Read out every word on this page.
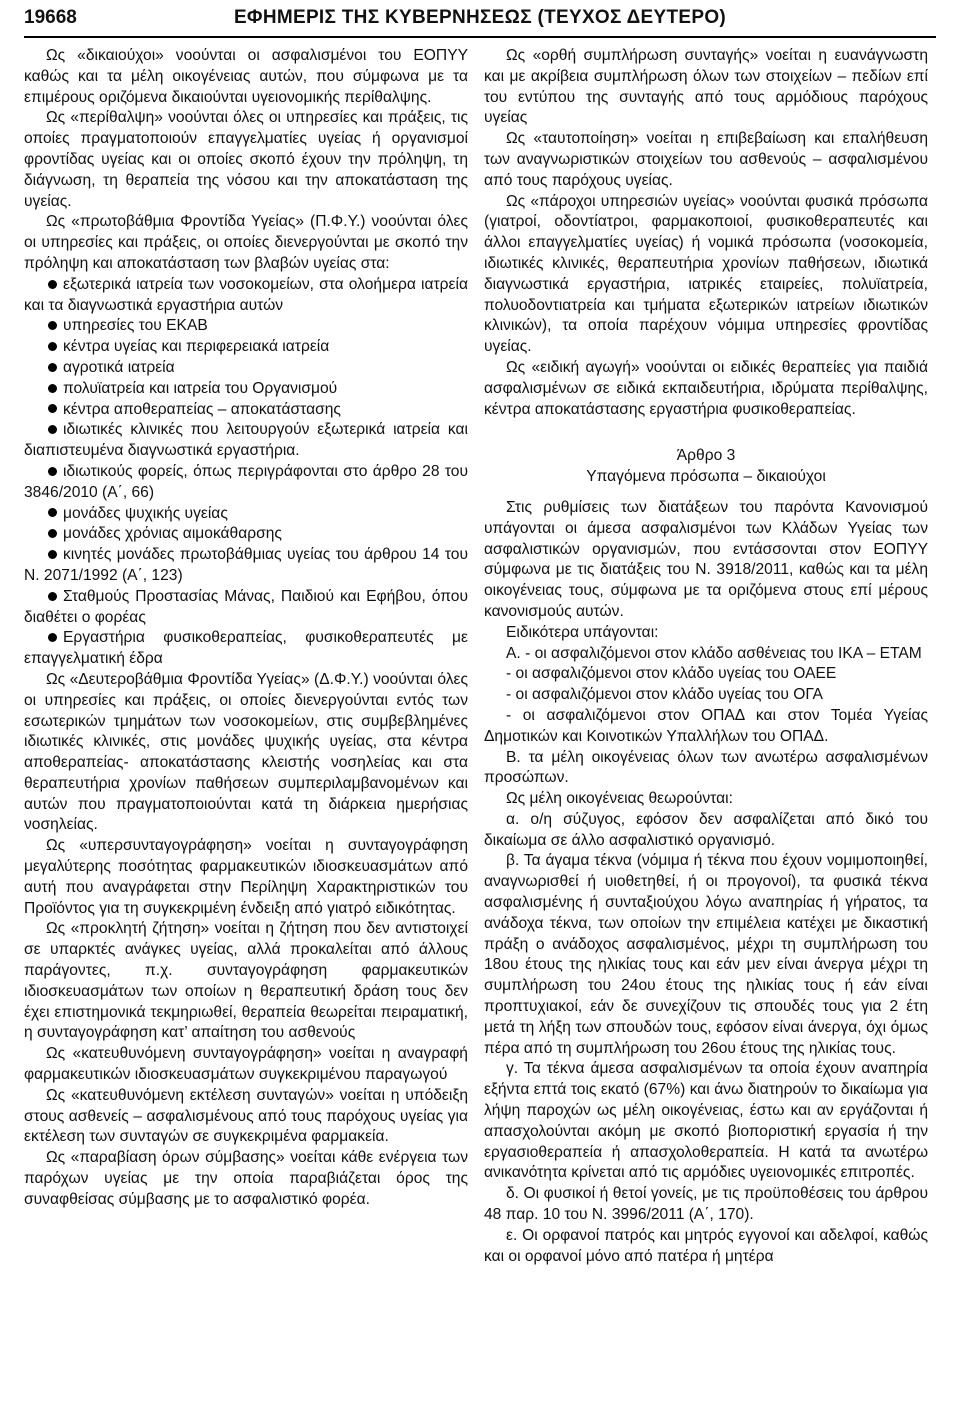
19668	ΕΦΗΜΕΡΙΣ ΤΗΣ ΚΥΒΕΡΝΗΣΕΩΣ (ΤΕΥΧΟΣ ΔΕΥΤΕΡΟ)

Ως «δικαιούχοι» νοούνται οι ασφαλισμένοι του ΕΟΠΥΥ καθώς και τα μέλη οικογένειας αυτών, που σύμφωνα με τα επιμέρους οριζόμενα δικαιούνται υγειονομικής περίθαλψης.

Ως «περίθαλψη» νοούνται όλες οι υπηρεσίες και πράξεις, τις οποίες πραγματοποιούν επαγγελματίες υγείας ή οργανισμοί φροντίδας υγείας και οι οποίες σκοπό έχουν την πρόληψη, τη διάγνωση, τη θεραπεία της νόσου και την αποκατάσταση της υγείας.

Ως «πρωτοβάθμια Φροντίδα Υγείας» (Π.Φ.Υ.) νοούνται όλες οι υπηρεσίες και πράξεις, οι οποίες διενεργούνται με σκοπό την πρόληψη και αποκατάσταση των βλαβών υγείας στα:

εξωτερικά ιατρεία των νοσοκομείων, στα ολοήμερα ιατρεία και τα διαγνωστικά εργαστήρια αυτών

υπηρεσίες του ΕΚΑΒ

κέντρα υγείας και περιφερειακά ιατρεία

αγροτικά ιατρεία

πολυϊατρεία και ιατρεία του Οργανισμού

κέντρα αποθεραπείας – αποκατάστασης

ιδιωτικές κλινικές που λειτουργούν εξωτερικά ιατρεία και διαπιστευμένα διαγνωστικά εργαστήρια.

ιδιωτικούς φορείς, όπως περιγράφονται στο άρθρο 28 του 3846/2010 (Α΄, 66)

μονάδες ψυχικής υγείας

μονάδες χρόνιας αιμοκάθαρσης

κινητές μονάδες πρωτοβάθμιας υγείας του άρθρου 14 του Ν. 2071/1992 (Α΄, 123)

Σταθμούς Προστασίας Μάνας, Παιδιού και Εφήβου, όπου διαθέτει ο φορέας

Εργαστήρια φυσικοθεραπείας, φυσικοθεραπευτές με επαγγελματική έδρα

Ως «Δευτεροβάθμια Φροντίδα Υγείας» (Δ.Φ.Υ.) νοούνται όλες οι υπηρεσίες και πράξεις, οι οποίες διενεργούνται εντός των εσωτερικών τμημάτων των νοσοκομείων, στις συμβεβλημένες ιδιωτικές κλινικές, στις μονάδες ψυχικής υγείας, στα κέντρα αποθεραπείας- αποκατάστασης κλειστής νοσηλείας και στα θεραπευτήρια χρονίων παθήσεων συμπεριλαμβανομένων και αυτών που πραγματοποιούνται κατά τη διάρκεια ημερήσιας νοσηλείας.

Ως «υπερσυνταγογράφηση» νοείται η συνταγογράφηση μεγαλύτερης ποσότητας φαρμακευτικών ιδιοσκευασμάτων από αυτή που αναγράφεται στην Περίληψη Χαρακτηριστικών του Προϊόντος για τη συγκεκριμένη ένδειξη από γιατρό ειδικότητας.

Ως «προκλητή ζήτηση» νοείται η ζήτηση που δεν αντιστοιχεί σε υπαρκτές ανάγκες υγείας, αλλά προκαλείται από άλλους παράγοντες, π.χ. συνταγογράφηση φαρμακευτικών ιδιοσκευασμάτων των οποίων η θεραπευτική δράση τους δεν έχει επιστημονικά τεκμηριωθεί, θεραπεία θεωρείται πειραματική, η συνταγογράφηση κατ’ απαίτηση του ασθενούς

Ως «κατευθυνόμενη συνταγογράφηση» νοείται η αναγραφή φαρμακευτικών ιδιοσκευασμάτων συγκεκριμένου παραγωγού

Ως «κατευθυνόμενη εκτέλεση συνταγών» νοείται η υπόδειξη στους ασθενείς – ασφαλισμένους από τους παρόχους υγείας για εκτέλεση των συνταγών σε συγκεκριμένα φαρμακεία.

Ως «παραβίαση όρων σύμβασης» νοείται κάθε ενέργεια των παρόχων υγείας με την οποία παραβιάζεται όρος της συναφθείσας σύμβασης με το ασφαλιστικό φορέα.

Ως «ορθή συμπλήρωση συνταγής» νοείται η ευανάγνωστη και με ακρίβεια συμπλήρωση όλων των στοιχείων – πεδίων επί του εντύπου της συνταγής από τους αρμόδιους παρόχους υγείας

Ως «ταυτοποίηση» νοείται η επιβεβαίωση και επαλήθευση των αναγνωριστικών στοιχείων του ασθενούς – ασφαλισμένου από τους παρόχους υγείας.

Ως «πάροχοι υπηρεσιών υγείας» νοούνται φυσικά πρόσωπα (γιατροί, οδοντίατροι, φαρμακοποιοί, φυσικοθεραπευτές και άλλοι επαγγελματίες υγείας) ή νομικά πρόσωπα (νοσοκομεία, ιδιωτικές κλινικές, θεραπευτήρια χρονίων παθήσεων, ιδιωτικά διαγνωστικά εργαστήρια, ιατρικές εταιρείες, πολυϊατρεία, πολυοδοντιατρεία και τμήματα εξωτερικών ιατρείων ιδιωτικών κλινικών), τα οποία παρέχουν νόμιμα υπηρεσίες φροντίδας υγείας.

Ως «ειδική αγωγή» νοούνται οι ειδικές θεραπείες για παιδιά ασφαλισμένων σε ειδικά εκπαιδευτήρια, ιδρύματα περίθαλψης, κέντρα αποκατάστασης εργαστήρια φυσικοθεραπείας.

Άρθρο 3

Υπαγόμενα πρόσωπα – δικαιούχοι

Στις ρυθμίσεις των διατάξεων του παρόντα Κανονισμού υπάγονται οι άμεσα ασφαλισμένοι των Κλάδων Υγείας των ασφαλιστικών οργανισμών, που εντάσσονται στον ΕΟΠΥΥ σύμφωνα με τις διατάξεις του Ν. 3918/2011, καθώς και τα μέλη οικογένειας τους, σύμφωνα με τα οριζόμενα στους επί μέρους κανονισμούς αυτών.

Ειδικότερα υπάγονται:

Α. - οι ασφαλιζόμενοι στον κλάδο ασθένειας του ΙΚΑ – ΕΤΑΜ

- οι ασφαλιζόμενοι στον κλάδο υγείας του ΟΑΕΕ

- οι ασφαλιζόμενοι στον κλάδο υγείας του ΟΓΑ

- οι ασφαλιζόμενοι στον ΟΠΑΔ και στον Τομέα Υγείας Δημοτικών και Κοινοτικών Υπαλλήλων του ΟΠΑΔ.

Β. τα μέλη οικογένειας όλων των ανωτέρω ασφαλισμένων προσώπων.

Ως μέλη οικογένειας θεωρούνται:

α. ο/η σύζυγος, εφόσον δεν ασφαλίζεται από δικό του δικαίωμα σε άλλο ασφαλιστικό οργανισμό.

β. Τα άγαμα τέκνα (νόμιμα ή τέκνα που έχουν νομιμοποιηθεί, αναγνωρισθεί ή υιοθετηθεί, ή οι προγονοί), τα φυσικά τέκνα ασφαλισμένης ή συνταξιούχου λόγω αναπηρίας ή γήρατος, τα ανάδοχα τέκνα, των οποίων την επιμέλεια κατέχει με δικαστική πράξη ο ανάδοχος ασφαλισμένος, μέχρι τη συμπλήρωση του 18ου έτους της ηλικίας τους και εάν μεν είναι άνεργα μέχρι τη συμπλήρωση του 24ου έτους της ηλικίας τους ή εάν είναι προπτυχιακοί, εάν δε συνεχίζουν τις σπουδές τους για 2 έτη μετά τη λήξη των σπουδών τους, εφόσον είναι άνεργα, όχι όμως πέρα από τη συμπλήρωση του 26ου έτους της ηλικίας τους.

γ. Τα τέκνα άμεσα ασφαλισμένων τα οποία έχουν αναπηρία εξήντα επτά τοις εκατό (67%) και άνω διατηρούν το δικαίωμα για λήψη παροχών ως μέλη οικογένειας, έστω και αν εργάζονται ή απασχολούνται ακόμη με σκοπό βιοποριστική εργασία ή την εργασιοθεραπεία ή απασχολοθεραπεία. Η κατά τα ανωτέρω ανικανότητα κρίνεται από τις αρμόδιες υγειονομικές επιτροπές.

δ. Οι φυσικοί ή θετοί γονείς, με τις προϋποθέσεις του άρθρου 48 παρ. 10 του Ν. 3996/2011 (Α΄, 170).

ε. Οι ορφανοί πατρός και μητρός εγγονοί και αδελφοί, καθώς και οι ορφανοί μόνο από πατέρα ή μητέρα
